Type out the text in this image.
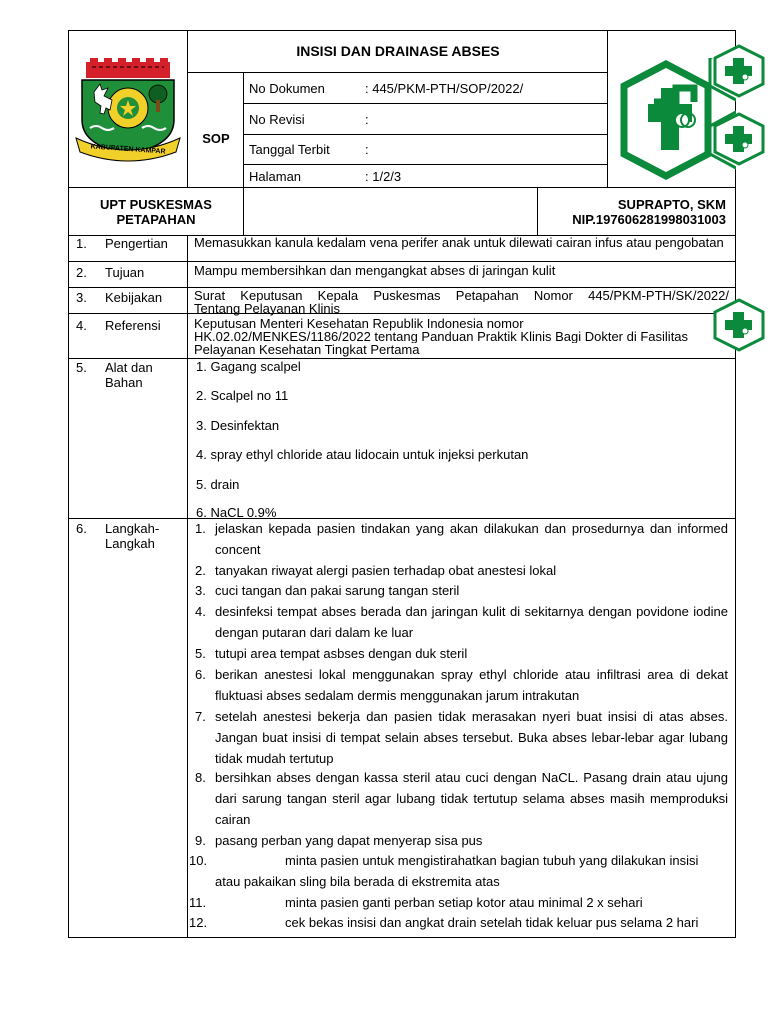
KABUPATEN KAMPAR
INSISI DAN DRAINASE ABSES
SOP
No Dokumen	: 445/PKM-PTH/SOP/2022/
No Revisi	:
Tanggal Terbit	:
Halaman	: 1/2/3
UPT PUSKESMAS
PETAPAHAN
SUPRAPTO, SKM
NIP.197606281998031003
1. Pengertian Memasukkan kanula kedalam vena perifer anak untuk dilewati cairan infus atau pengobatan
2. Tujuan	Mampu membersihkan dan mengangkat abses di jaringan kulit
3. Kebijakan Surat Keputusan Kepala Puskesmas Petapahan Nomor 445/PKM-PTH/SK/2022/
Tentang Pelayanan Klinis
4. Referensi	Keputusan Menteri Kesehatan Republik Indonesia nomor
HK.02.02/MENKES/1186/2022 tentang Panduan Praktik Klinis Bagi Dokter di Fasilitas
Pelayanan Kesehatan Tingkat Pertama
5. Alat dan
Bahan
1. Gagang scalpel
2. Scalpel no 11
3. Desinfektan
4. spray ethyl chloride atau lidocain untuk injeksi perkutan
5. drain
6. NaCL 0.9%
6. Langkah-
Langkah
1. jelaskan kepada pasien tindakan yang akan dilakukan dan prosedurnya dan informed concent
2. tanyakan riwayat alergi pasien terhadap obat anestesi lokal
3. cuci tangan dan pakai sarung tangan steril
4. desinfeksi tempat abses berada dan jaringan kulit di sekitarnya dengan povidone iodine dengan putaran dari dalam ke luar
5. tutupi area tempat asbses dengan duk steril
6. berikan anestesi lokal menggunakan spray ethyl chloride atau infiltrasi area di dekat fluktuasi abses sedalam dermis menggunakan jarum intrakutan
7. setelah anestesi bekerja dan pasien tidak merasakan nyeri buat insisi di atas abses. Jangan buat insisi di tempat selain abses tersebut. Buka abses lebar-lebar agar lubang tidak mudah tertutup
8. bersihkan abses dengan kassa steril atau cuci dengan NaCL. Pasang drain atau ujung dari sarung tangan steril agar lubang tidak tertutup selama abses masih memproduksi cairan
9. pasang perban yang dapat menyerap sisa pus
10.	minta pasien untuk mengistirahatkan bagian tubuh yang dilakukan insisi
atau pakaikan sling bila berada di ekstremita atas
11.	minta pasien ganti perban setiap kotor atau minimal 2 x sehari
12.	cek bekas insisi dan angkat drain setelah tidak keluar pus selama 2 hari
